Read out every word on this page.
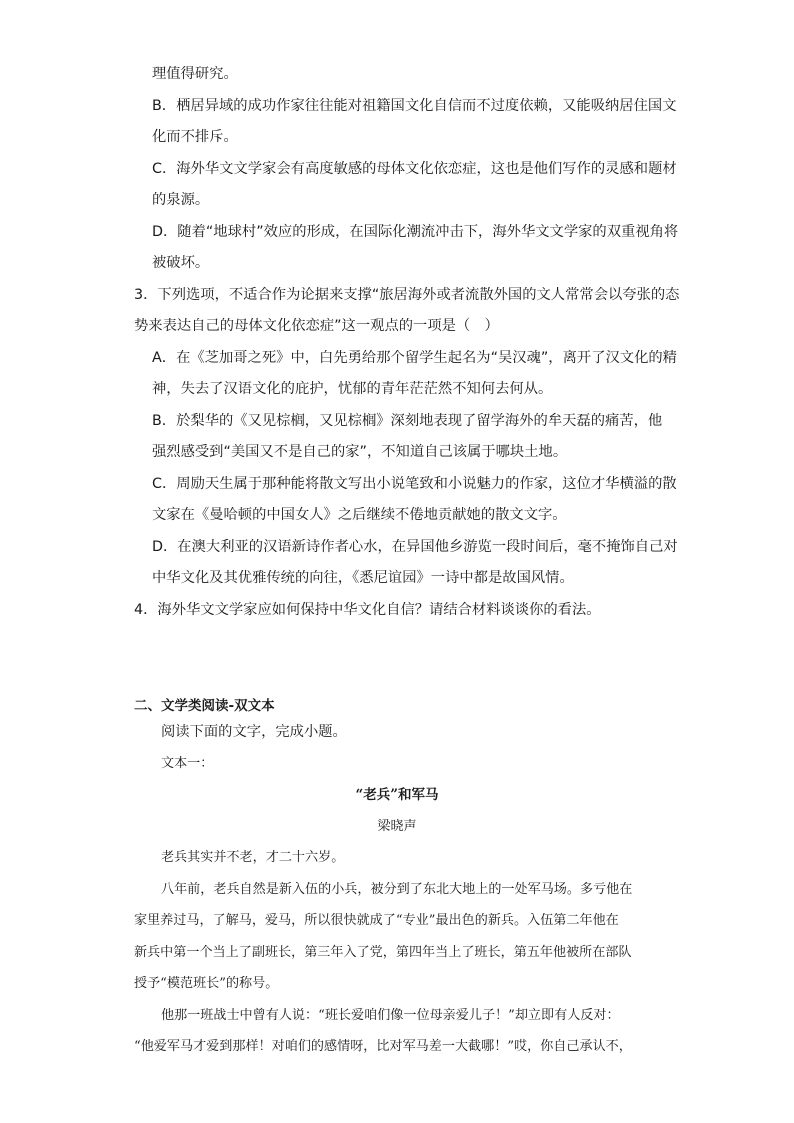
理值得研究。
B．栖居异域的成功作家往往能对祖籍国文化自信而不过度依赖，又能吸纳居住国文
化而不排斥。
C．海外华文文学家会有高度敏感的母体文化依恋症，这也是他们写作的灵感和题材
的泉源。
D．随着“地球村”效应的形成，在国际化潮流冲击下，海外华文文学家的双重视角将
被破坏。
3．下列选项，不适合作为论据来支撑“旅居海外或者流散外国的文人常常会以夸张的态
势来表达自己的母体文化依恋症”这一观点的一项是（　）
A．在《芝加哥之死》中，白先勇给那个留学生起名为“吴汉魂”，离开了汉文化的精
神，失去了汉语文化的庇护，忧郁的青年茫茫然不知何去何从。
B．於梨华的《又见棕榈，又见棕榈》深刻地表现了留学海外的牟天磊的痛苦，他
强烈感受到“美国又不是自己的家”，不知道自己该属于哪块土地。
C．周励天生属于那种能将散文写出小说笔致和小说魅力的作家，这位才华横溢的散
文家在《曼哈顿的中国女人》之后继续不倦地贡献她的散文文字。
D．在澳大利亚的汉语新诗作者心水，在异国他乡游览一段时间后，毫不掩饰自己对
中华文化及其优雅传统的向往，《悉尼谊园》一诗中都是故国风情。
4．海外华文文学家应如何保持中华文化自信？请结合材料谈谈你的看法。
二、文学类阅读-双文本
阅读下面的文字，完成小题。
文本一：
“老兵”和军马
梁晓声
老兵其实并不老，才二十六岁。
八年前，老兵自然是新入伍的小兵，被分到了东北大地上的一处军马场。多亏他在
家里养过马，了解马，爱马，所以很快就成了“专业”最出色的新兵。入伍第二年他在
新兵中第一个当上了副班长，第三年入了党，第四年当上了班长，第五年他被所在部队
授予“模范班长”的称号。
他那一班战士中曾有人说：“班长爱咱们像一位母亲爱儿子！”却立即有人反对：
“他爱军马才爱到那样！对咱们的感情呀，比对军马差一大截哪！”哎，你自己承认不，
